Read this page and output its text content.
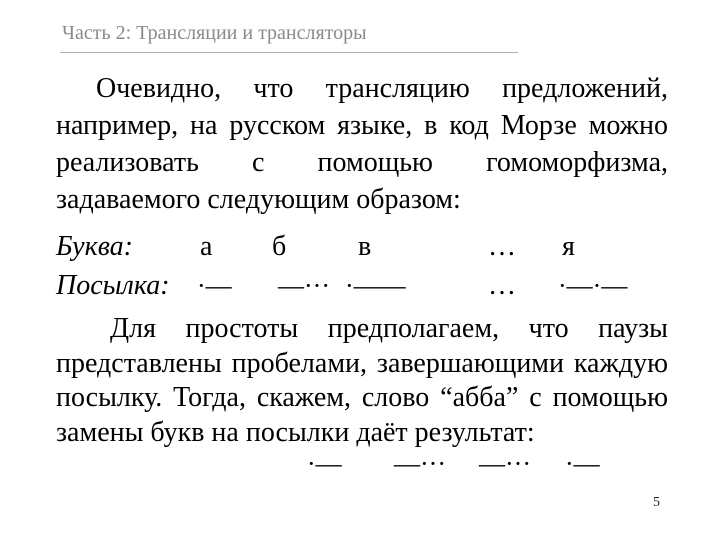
Часть 2: Трансляции и трансляторы
Очевидно, что трансляцию предложений, например, на русском языке, в код Морзе можно реализовать с помощью гомоморфизма, задаваемого следующим образом:
Буква: а б	в	… я
Посылка: ·— —··· ·——	… ·—·—
Для простоты предполагаем, что паузы представлены пробелами, завершающими каждую посылку. Тогда, скажем, слово “абба” с помощью замены букв на посылки даёт результат:
·— —··· —··· ·—
5
